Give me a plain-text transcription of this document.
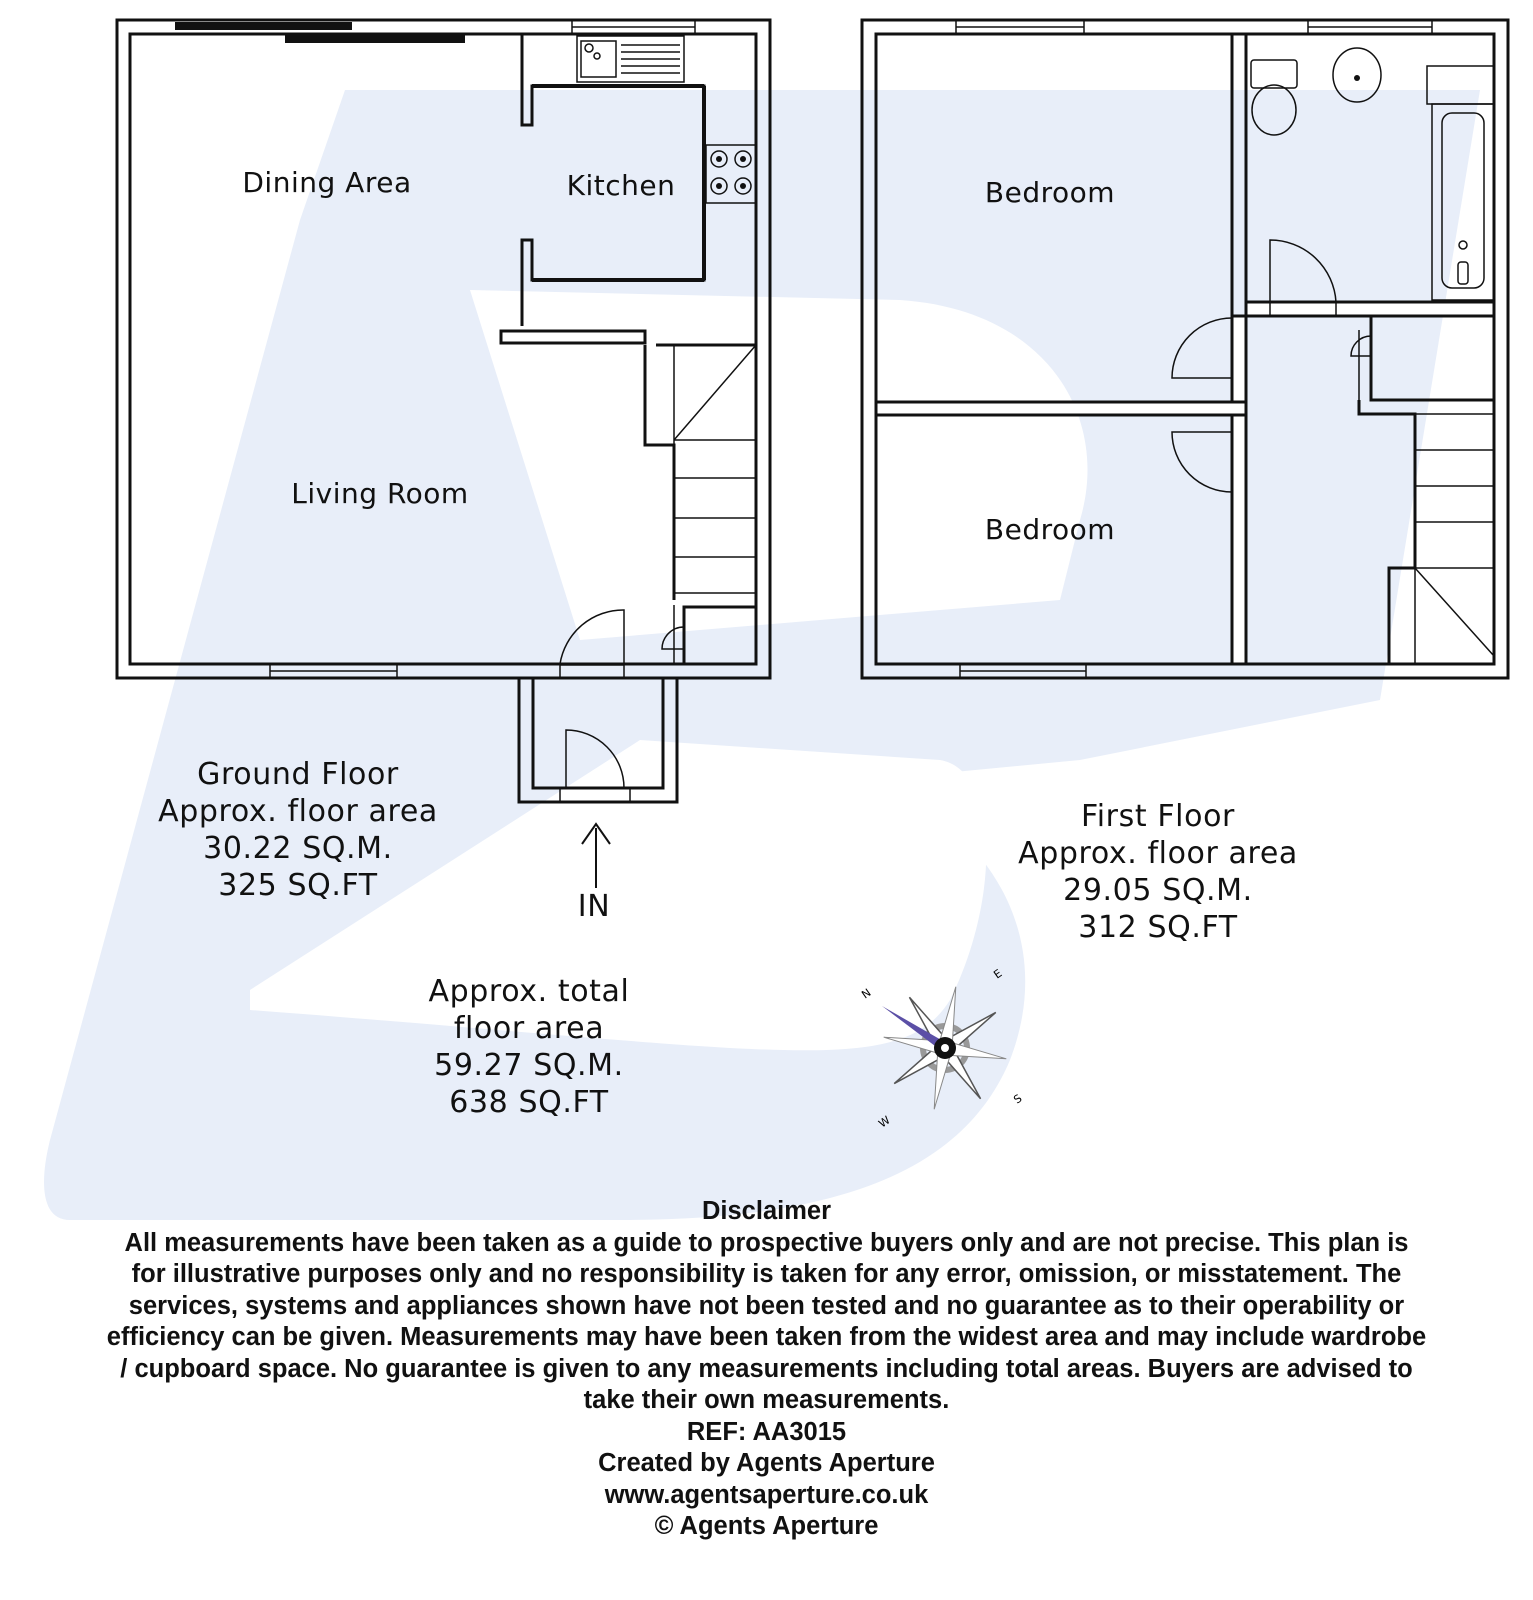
Dining Area	Kitchen
Living Room
Bedroom
Bedroom
IN
Ground Floor
Approx. floor area
30.22 SQ.M.
325 SQ.FT
First Floor
Approx. floor area
29.05 SQ.M.
312 SQ.FT
Approx. total
floor area
59.27 SQ.M.
638 SQ.FT
N
E
S
W
Disclaimer
All measurements have been taken as a guide to prospective buyers only and are not precise. This plan is
for illustrative purposes only and no responsibility is taken for any error, omission, or misstatement. The
services, systems and appliances shown have not been tested and no guarantee as to their operability or
efficiency can be given. Measurements may have been taken from the widest area and may include wardrobe
/ cupboard space. No guarantee is given to any measurements including total areas. Buyers are advised to
take their own measurements.
REF: AA3015
Created by Agents Aperture
www.agentsaperture.co.uk
© Agents Aperture
